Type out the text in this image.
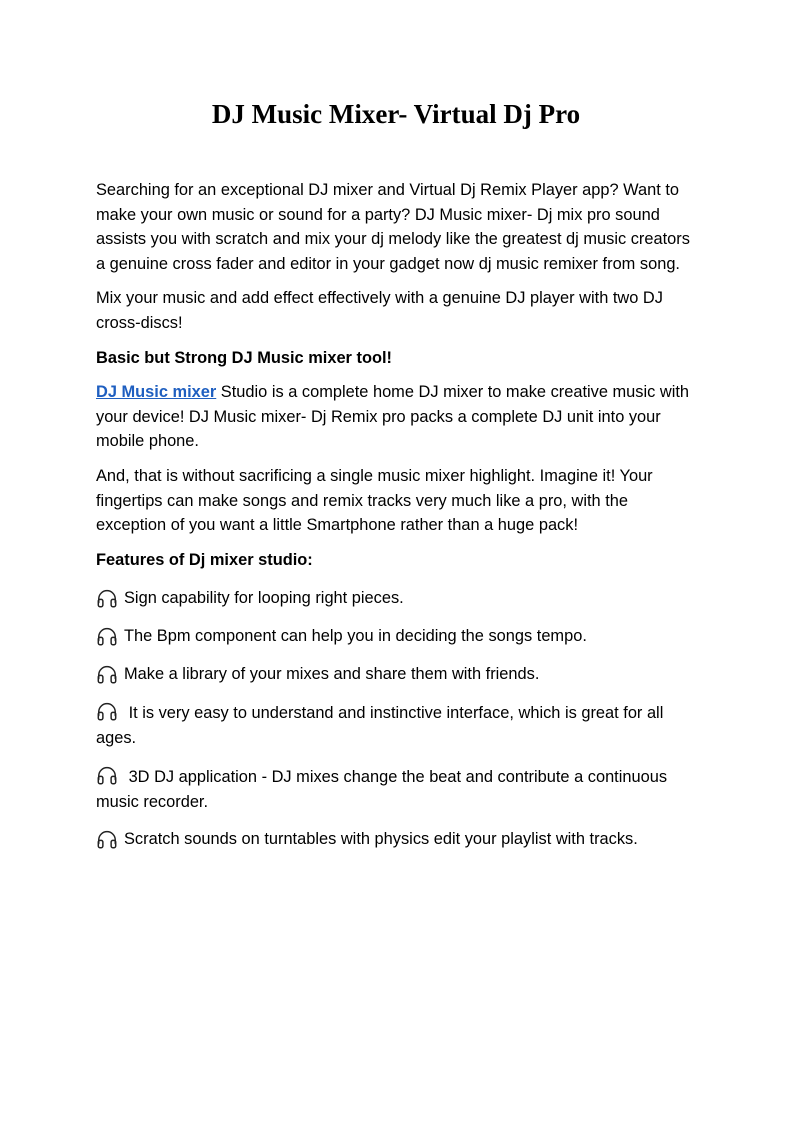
DJ Music Mixer- Virtual Dj Pro

Searching for an exceptional DJ mixer and Virtual Dj Remix Player app? Want to make your own music or sound for a party? DJ Music mixer- Dj mix pro sound assists you with scratch and mix your dj melody like the greatest dj music creators a genuine cross fader and editor in your gadget now dj music remixer from song.

Mix your music and add effect effectively with a genuine DJ player with two DJ cross-discs!

Basic but Strong DJ Music mixer tool!

DJ Music mixer Studio is a complete home DJ mixer to make creative music with your device! DJ Music mixer- Dj Remix pro packs a complete DJ unit into your mobile phone.

And, that is without sacrificing a single music mixer highlight. Imagine it! Your fingertips can make songs and remix tracks very much like a pro, with the exception of you want a little Smartphone rather than a huge pack!

Features of Dj mixer studio:

Sign capability for looping right pieces.
The Bpm component can help you in deciding the songs tempo.
Make a library of your mixes and share them with friends.
It is very easy to understand and instinctive interface, which is great for all ages.
3D DJ application - DJ mixes change the beat and contribute a continuous music recorder.
Scratch sounds on turntables with physics edit your playlist with tracks.
